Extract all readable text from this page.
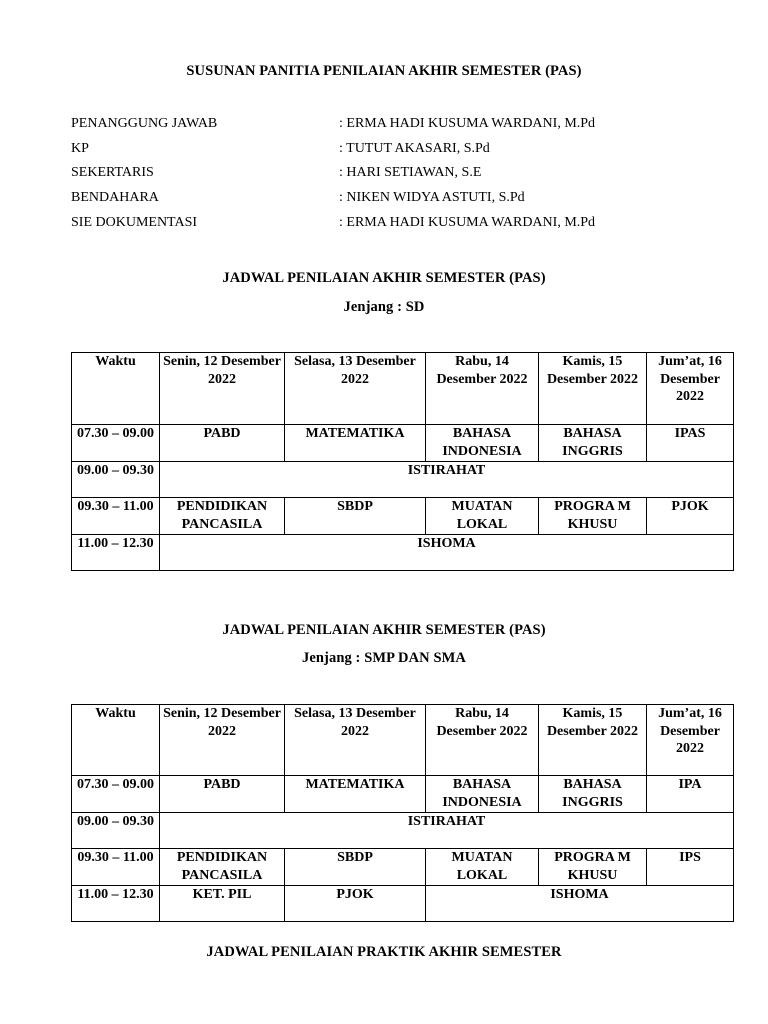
SUSUNAN PANITIA PENILAIAN AKHIR SEMESTER (PAS)
PENANGGUNG JAWAB	: ERMA HADI KUSUMA WARDANI, M.Pd
KP	: TUTUT AKASARI, S.Pd
SEKERTARIS	: HARI SETIAWAN, S.E
BENDAHARA	: NIKEN WIDYA ASTUTI, S.Pd
SIE DOKUMENTASI	: ERMA HADI KUSUMA WARDANI, M.Pd
JADWAL PENILAIAN AKHIR SEMESTER (PAS)
Jenjang : SD
Waktu	Senin, 12 Desember 2022	Selasa, 13 Desember 2022	Rabu, 14 Desember 2022	Kamis, 15 Desember 2022	Jum’at, 16 Desember 2022
07.30 – 09.00	PABD	MATEMATIKA	BAHASA INDONESIA	BAHASA INGGRIS	IPAS
09.00 – 09.30	ISTIRAHAT				
09.30 – 11.00	PENDIDIKAN PANCASILA	SBDP	MUATAN LOKAL	PROGRA M KHUSU	PJOK
11.00 – 12.30	ISHOMA				
JADWAL PENILAIAN AKHIR SEMESTER (PAS)
Jenjang : SMP DAN SMA
Waktu	Senin, 12 Desember 2022	Selasa, 13 Desember 2022	Rabu, 14 Desember 2022	Kamis, 15 Desember 2022	Jum’at, 16 Desember 2022
07.30 – 09.00	PABD	MATEMATIKA	BAHASA INDONESIA	BAHASA INGGRIS	IPA
09.00 – 09.30	ISTIRAHAT				
09.30 – 11.00	PENDIDIKAN PANCASILA	SBDP	MUATAN LOKAL	PROGRA M KHUSU	IPS
11.00 – 12.30	KET. PIL	PJOK	ISHOMA		
JADWAL PENILAIAN PRAKTIK AKHIR SEMESTER
